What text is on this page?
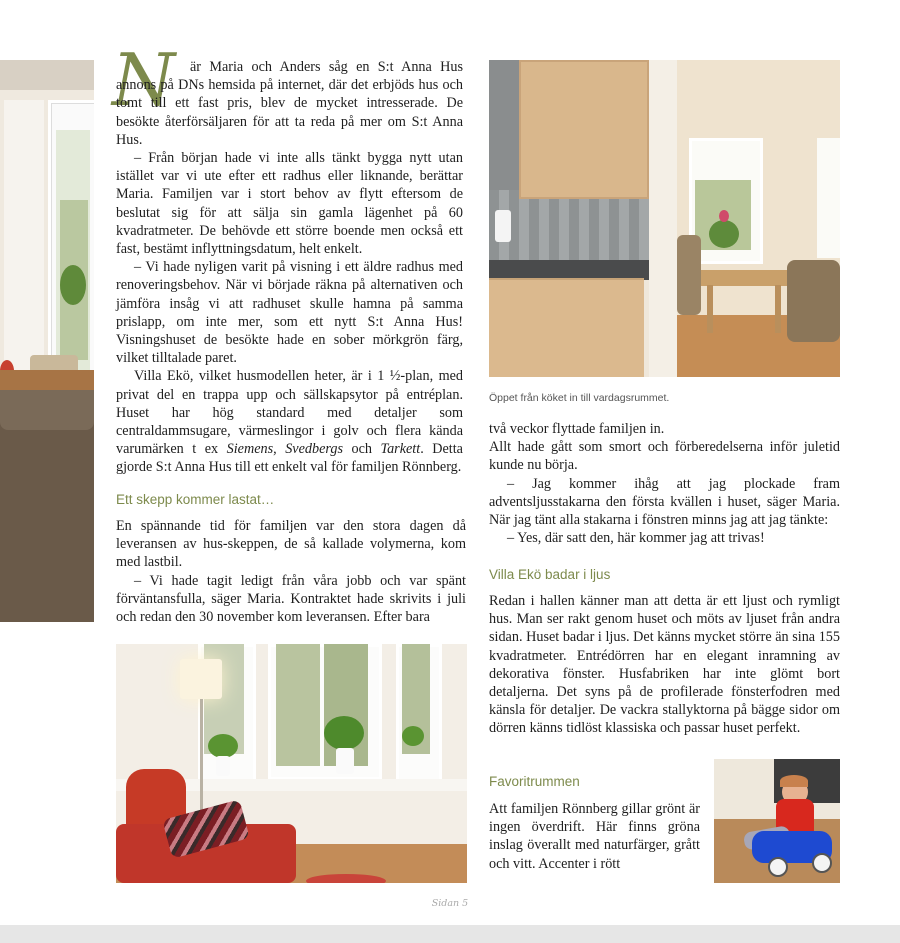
N	är Maria och Anders såg en S:t Anna Hus annons på DNs hemsida på internet, där det erbjöds hus och tomt till ett fast pris, blev de mycket intresserade. De besökte återförsäljaren för att ta reda på mer om S:t Anna Hus.

– Från början hade vi inte alls tänkt bygga nytt utan istället var vi ute efter ett radhus eller liknande, berättar Maria. Familjen var i stort behov av flytt eftersom de beslutat sig för att sälja sin gamla lägenhet på 60 kvadratmeter. De behövde ett större boende men också ett fast, bestämt inflyttningsdatum, helt enkelt.

– Vi hade nyligen varit på visning i ett äldre radhus med renoveringsbehov. När vi började räkna på alternativen och jämföra insåg vi att radhuset skulle hamna på samma prislapp, om inte mer, som ett nytt S:t Anna Hus! Visningshuset de besökte hade en sober mörkgrön färg, vilket tilltalade paret.

Villa Ekö, vilket husmodellen heter, är i 1 ½-plan, med privat del en trappa upp och sällskapsytor på entréplan. Huset har hög standard med detaljer som centraldammsugare, värmeslingor i golv och flera kända varumärken t ex Siemens, Svedbergs och Tarkett. Detta gjorde S:t Anna Hus till ett enkelt val för familjen Rönnberg.

Ett skepp kommer lastat…

En spännande tid för familjen var den stora dagen då leveransen av hus-skeppen, de så kallade volymerna, kom med lastbil.

– Vi hade tagit ledigt från våra jobb och var spänt förväntansfulla, säger Maria. Kontraktet hade skrivits i juli och redan den 30 november kom leveransen. Efter bara

Öppet från köket in till vardagsrummet.

två veckor flyttade familjen in.

Allt hade gått som smort och förberedelserna inför juletid kunde nu börja.

– Jag kommer ihåg att jag plockade fram adventsljusstakarna den första kvällen i huset, säger Maria. När jag tänt alla stakarna i fönstren minns jag att jag tänkte:

– Yes, där satt den, här kommer jag att trivas!

Villa Ekö badar i ljus

Redan i hallen känner man att detta är ett ljust och rymligt hus. Man ser rakt genom huset och möts av ljuset från andra sidan. Huset badar i ljus. Det känns mycket större än sina 155 kvadratmeter. Entrédörren har en elegant inramning av dekorativa fönster. Husfabriken har inte glömt bort detaljerna. Det syns på de profilerade fönsterfodren med känsla för detaljer. De vackra stallyktorna på bägge sidor om dörren känns tidlöst klassiska och passar huset perfekt.

Favoritrummen

Att familjen Rönnberg gillar grönt är ingen överdrift. Här finns gröna inslag överallt med naturfärger, grått och vitt. Accenter i rött

Sidan 5
